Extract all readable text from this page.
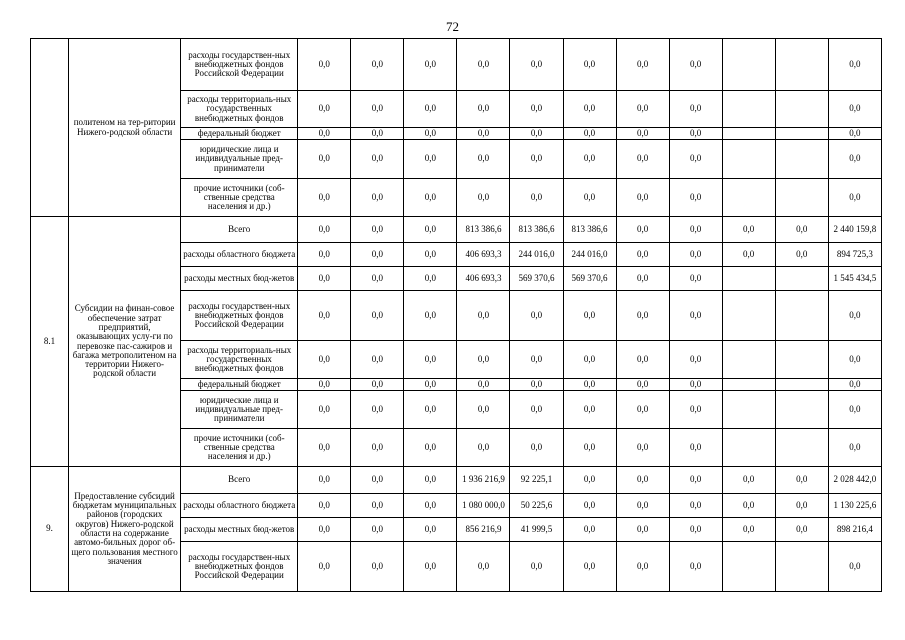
72
	политеном на тер-ритории Нижего-родской области	расходы государствен-ных внебюджетных фондов Российской Федерации	0,0	0,0	0,0	0,0	0,0	0,0	0,0	0,0			0,0
		расходы территориаль-ных государственных внебюджетных фондов	0,0	0,0	0,0	0,0	0,0	0,0	0,0	0,0			0,0
		федеральный бюджет	0,0	0,0	0,0	0,0	0,0	0,0	0,0	0,0			0,0
		юридические лица и индивидуальные пред-приниматели	0,0	0,0	0,0	0,0	0,0	0,0	0,0	0,0			0,0
		прочие источники (соб-ственные средства населения и др.)	0,0	0,0	0,0	0,0	0,0	0,0	0,0	0,0			0,0
8.1	Субсидии на финан-совое обеспечение затрат предприятий, оказывающих услу-ги по перевозке пас-сажиров и багажа метрополитеном на территории Нижего-родской области	Всего	0,0	0,0	0,0	813 386,6	813 386,6	813 386,6	0,0	0,0	0,0	0,0	2 440 159,8
		расходы областного бюджета	0,0	0,0	0,0	406 693,3	244 016,0	244 016,0	0,0	0,0	0,0	0,0	894 725,3
		расходы местных бюд-жетов	0,0	0,0	0,0	406 693,3	569 370,6	569 370,6	0,0	0,0			1 545 434,5
		расходы государствен-ных внебюджетных фондов Российской Федерации	0,0	0,0	0,0	0,0	0,0	0,0	0,0	0,0			0,0
		расходы территориаль-ных государственных внебюджетных фондов	0,0	0,0	0,0	0,0	0,0	0,0	0,0	0,0			0,0
		федеральный бюджет	0,0	0,0	0,0	0,0	0,0	0,0	0,0	0,0			0,0
		юридические лица и индивидуальные пред-приниматели	0,0	0,0	0,0	0,0	0,0	0,0	0,0	0,0			0,0
		прочие источники (соб-ственные средства населения и др.)	0,0	0,0	0,0	0,0	0,0	0,0	0,0	0,0			0,0
9.	Предоставление субсидий бюджетам муниципальных районов (городских округов) Нижего-родской области на содержание автомо-бильных дорог об-щего пользования местного значения	Всего	0,0	0,0	0,0	1 936 216,9	92 225,1	0,0	0,0	0,0	0,0	0,0	2 028 442,0
		расходы областного бюджета	0,0	0,0	0,0	1 080 000,0	50 225,6	0,0	0,0	0,0	0,0	0,0	1 130 225,6
		расходы местных бюд-жетов	0,0	0,0	0,0	856 216,9	41 999,5	0,0	0,0	0,0	0,0	0,0	898 216,4
		расходы государствен-ных внебюджетных фондов Российской Федерации	0,0	0,0	0,0	0,0	0,0	0,0	0,0	0,0			0,0
